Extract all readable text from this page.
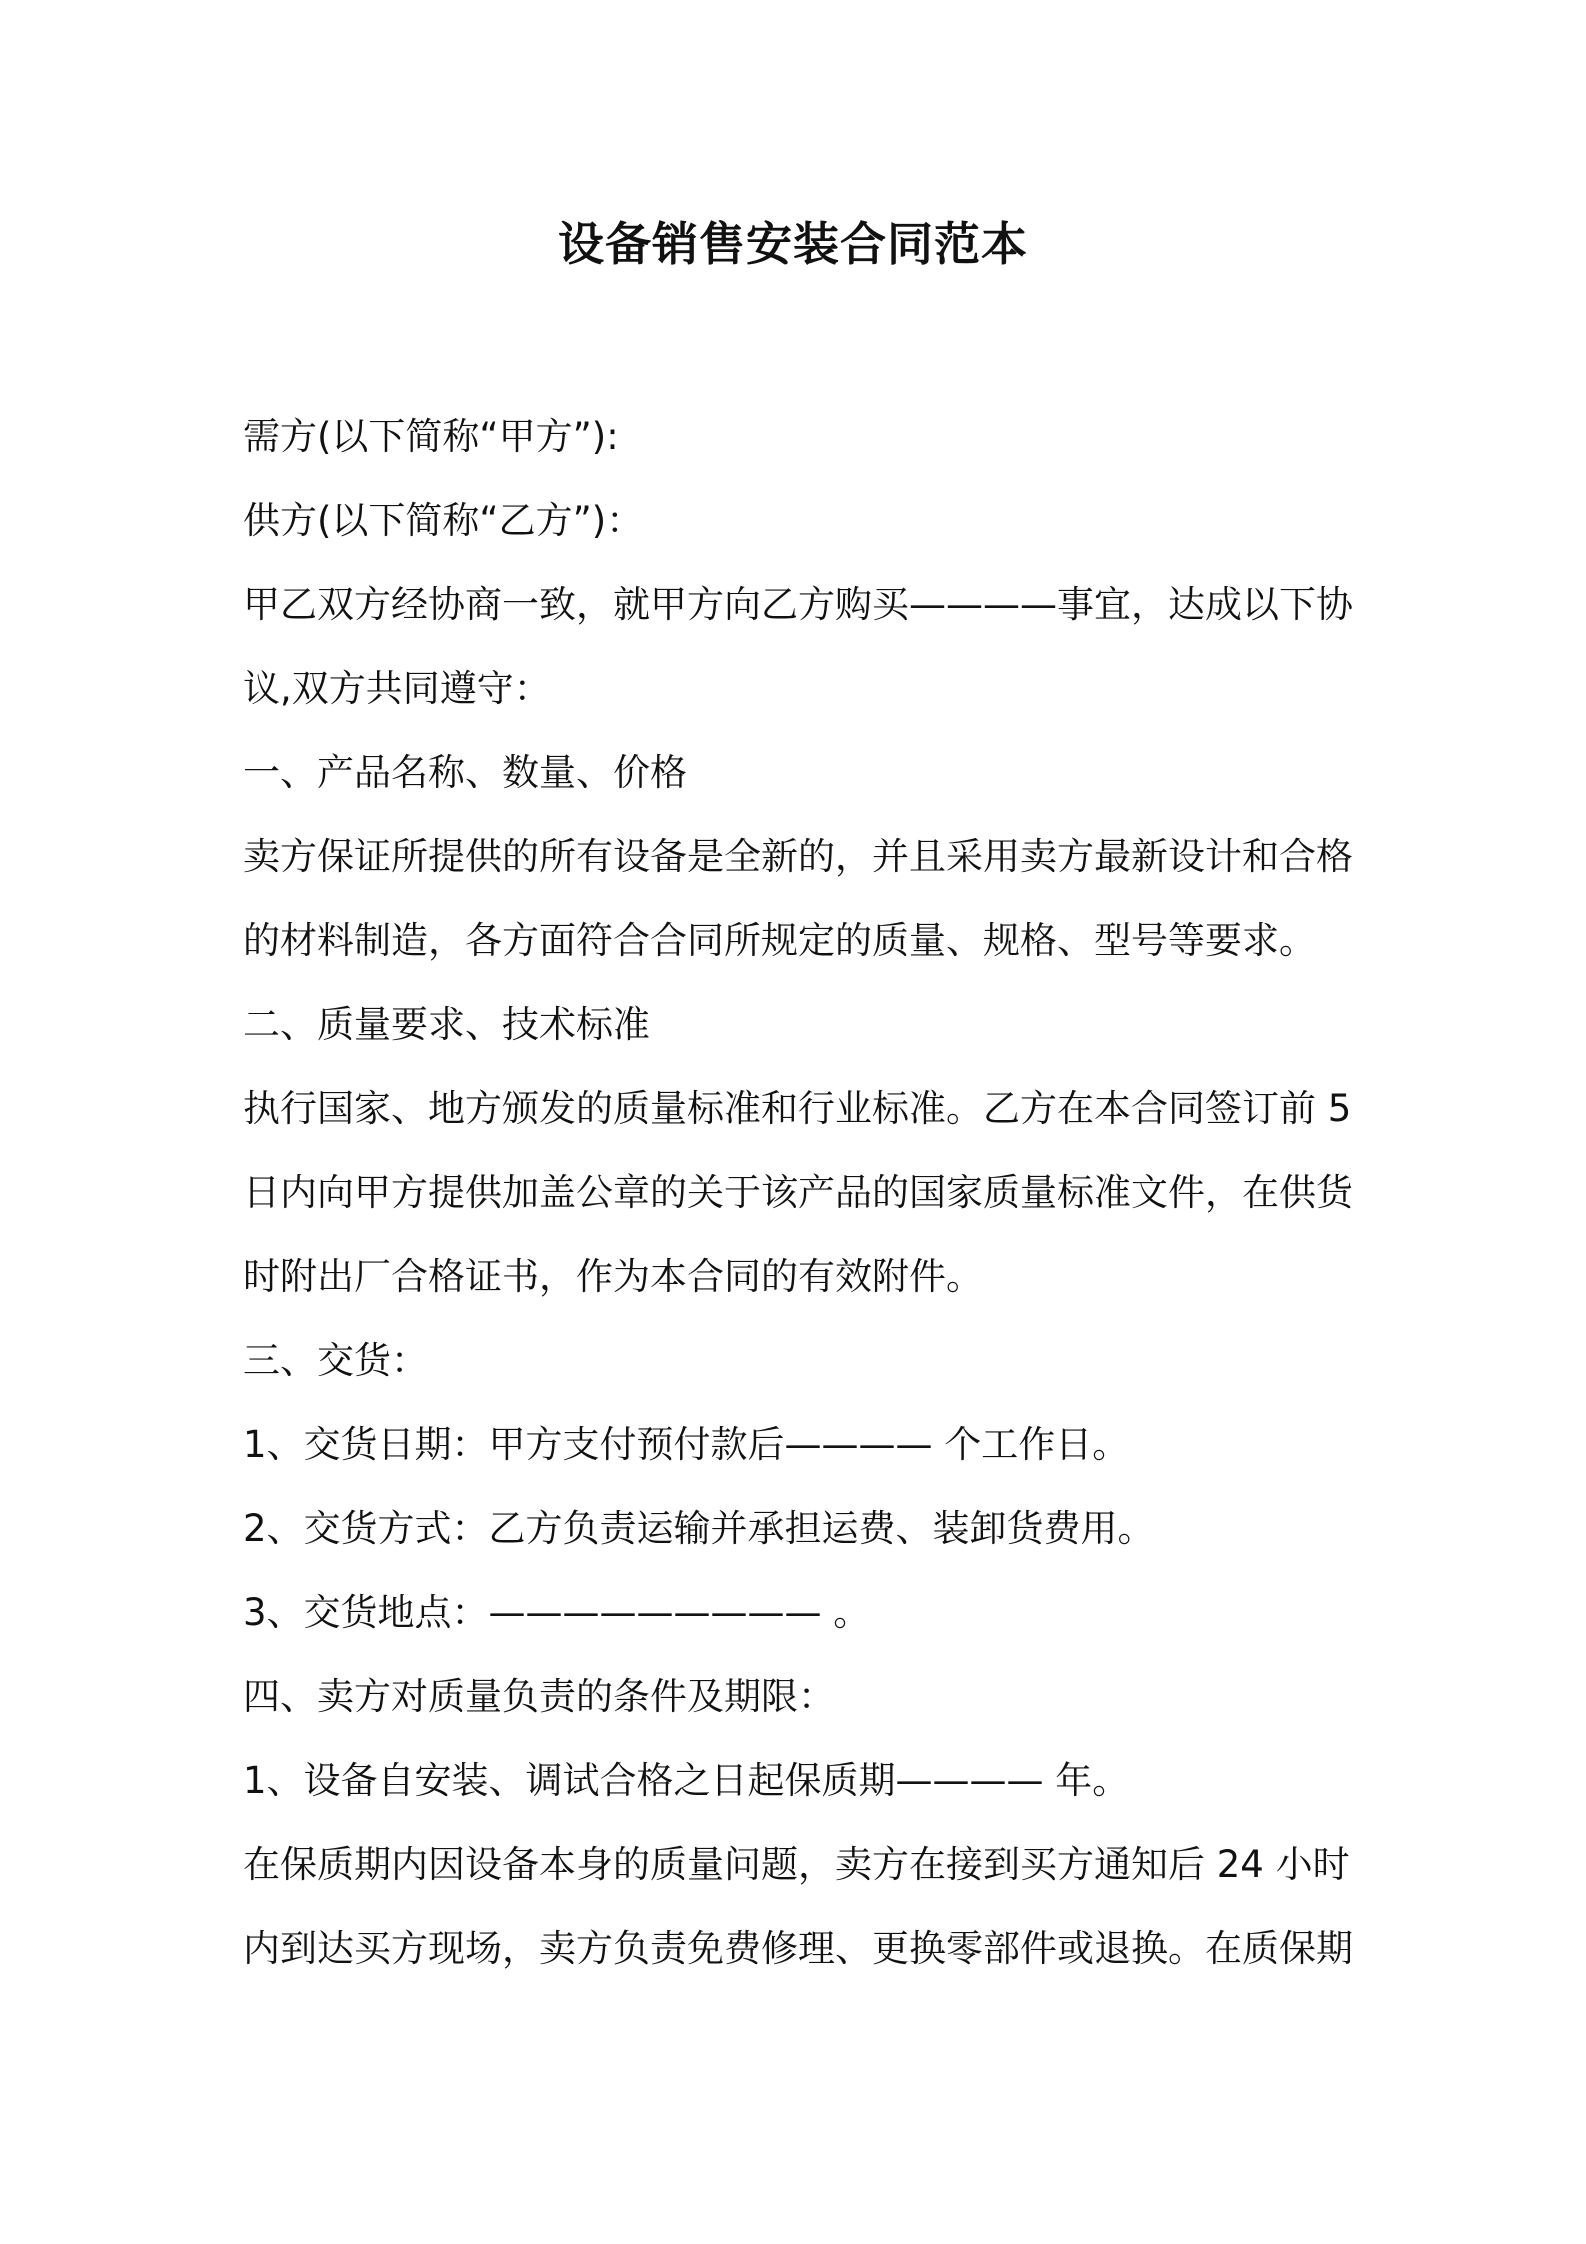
设备销售安装合同范本
需方(以下简称“甲方”):
供方(以下简称“乙方”)：
甲乙双方经协商一致，就甲方向乙方购买————事宜，达成以下协
议,双方共同遵守：
一、产品名称、数量、价格
卖方保证所提供的所有设备是全新的，并且采用卖方最新设计和合格
的材料制造，各方面符合合同所规定的质量、规格、型号等要求。
二、质量要求、技术标准
执行国家、地方颁发的质量标准和行业标准。乙方在本合同签订前 5
日内向甲方提供加盖公章的关于该产品的国家质量标准文件，在供货
时附出厂合格证书，作为本合同的有效附件。
三、交货：
1、交货日期：甲方支付预付款后———— 个工作日。
2、交货方式：乙方负责运输并承担运费、装卸货费用。
3、交货地点：————————— 。
四、卖方对质量负责的条件及期限：
1、设备自安装、调试合格之日起保质期———— 年。
在保质期内因设备本身的质量问题，卖方在接到买方通知后 24 小时
内到达买方现场，卖方负责免费修理、更换零部件或退换。在质保期
